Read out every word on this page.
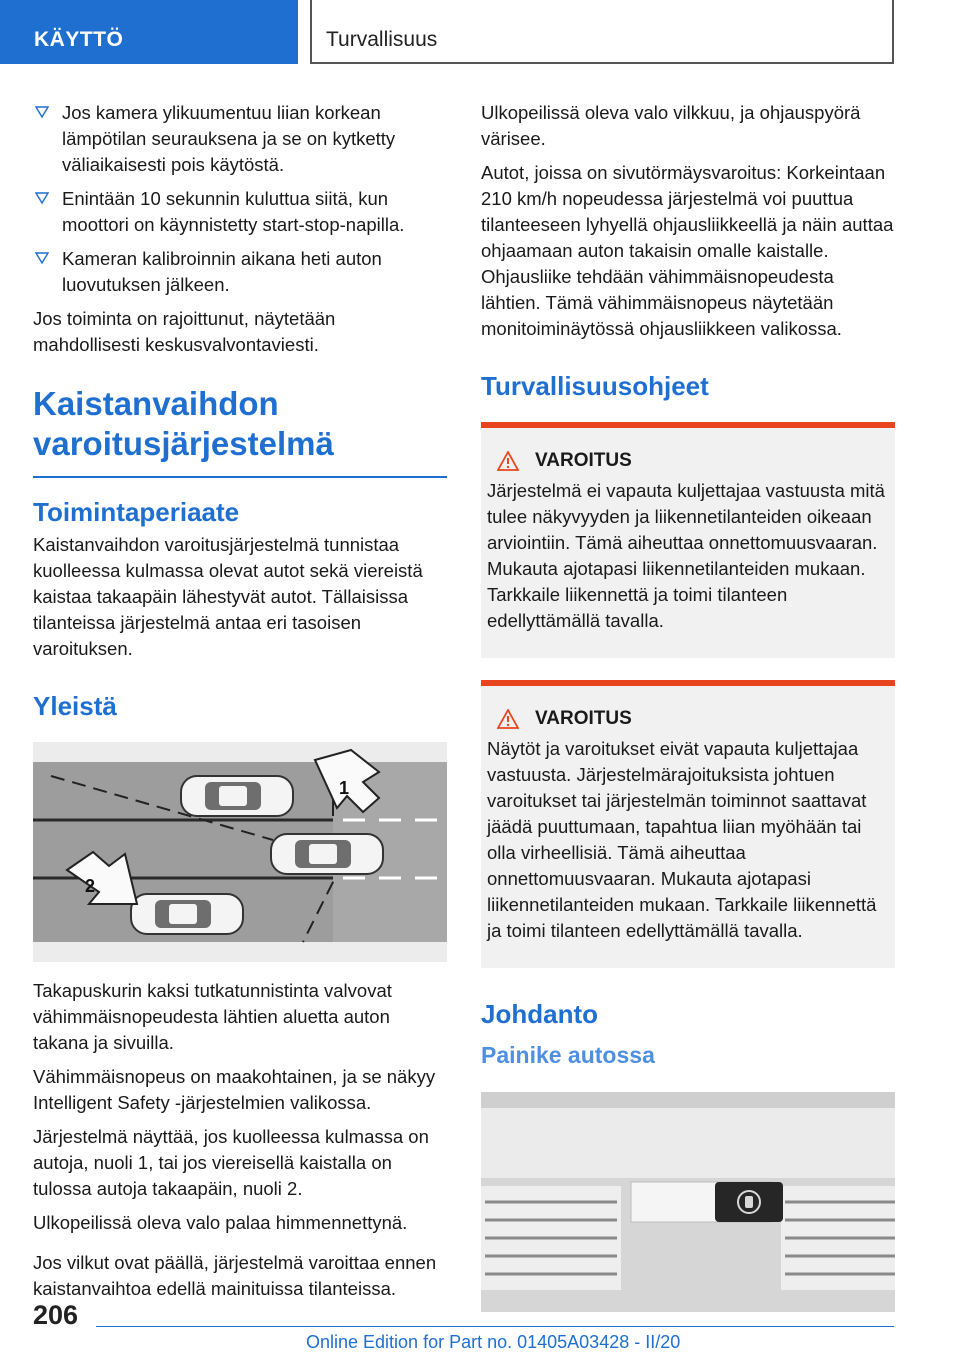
KÄYTTÖ	Turvallisuus
Jos kamera ylikuumentuu liian korkean lämpötilan seurauksena ja se on kytketty väliaikaisesti pois käytöstä.
Enintään 10 sekunnin kuluttua siitä, kun moottori on käynnistetty start-stop-napilla.
Kameran kalibroinnin aikana heti auton luovutuksen jälkeen.

Jos toiminta on rajoittunut, näytetään mahdollisesti keskusvalvontaviesti.

Kaistanvaihdon varoitusjärjestelmä
Toimintaperiaate

Kaistanvaihdon varoitusjärjestelmä tunnistaa kuolleessa kulmassa olevat autot sekä viereistä kaistaa takaapäin lähestyvät autot. Tällaisissa tilanteissa järjestelmä antaa eri tasoisen varoituksen.

Yleistä
1
2

Takapuskurin kaksi tutkatunnistinta valvovat vähimmäisnopeudesta lähtien aluetta auton takana ja sivuilla.

Vähimmäisnopeus on maakohtainen, ja se näkyy Intelligent Safety -järjestelmien valikossa.

Järjestelmä näyttää, jos kuolleessa kulmassa on autoja, nuoli 1, tai jos viereisellä kaistalla on tulossa autoja takaapäin, nuoli 2.

Ulkopeilissä oleva valo palaa himmennettynä.

Jos vilkut ovat päällä, järjestelmä varoittaa ennen kaistanvaihtoa edellä mainituissa tilanteissa.

Ulkopeilissä oleva valo vilkkuu, ja ohjauspyörä värisee.

Autot, joissa on sivutörmäysvaroitus: Korkeintaan 210 km/h nopeudessa järjestelmä voi puuttua tilanteeseen lyhyellä ohjausliikkeellä ja näin auttaa ohjaamaan auton takaisin omalle kaistalle. Ohjausliike tehdään vähimmäisnopeudesta lähtien. Tämä vähimmäisnopeus näytetään monitoiminäytössä ohjausliikkeen valikossa.

Turvallisuusohjeet
VAROITUS

Järjestelmä ei vapauta kuljettajaa vastuusta mitä tulee näkyvyyden ja liikennetilanteiden oikeaan arviointiin. Tämä aiheuttaa onnettomuusvaaran. Mukauta ajotapasi liikennetilanteiden mukaan. Tarkkaile liikennettä ja toimi tilanteen edellyttämällä tavalla.

VAROITUS

Näytöt ja varoitukset eivät vapauta kuljettajaa vastuusta. Järjestelmärajoituksista johtuen varoitukset tai järjestelmän toiminnot saattavat jäädä puuttumaan, tapahtua liian myöhään tai olla virheellisiä. Tämä aiheuttaa onnettomuusvaaran. Mukauta ajotapasi liikennetilanteiden mukaan. Tarkkaile liikennettä ja toimi tilanteen edellyttämällä tavalla.

Johdanto
Painike autossa
206
Online Edition for Part no. 01405A03428 - II/20
